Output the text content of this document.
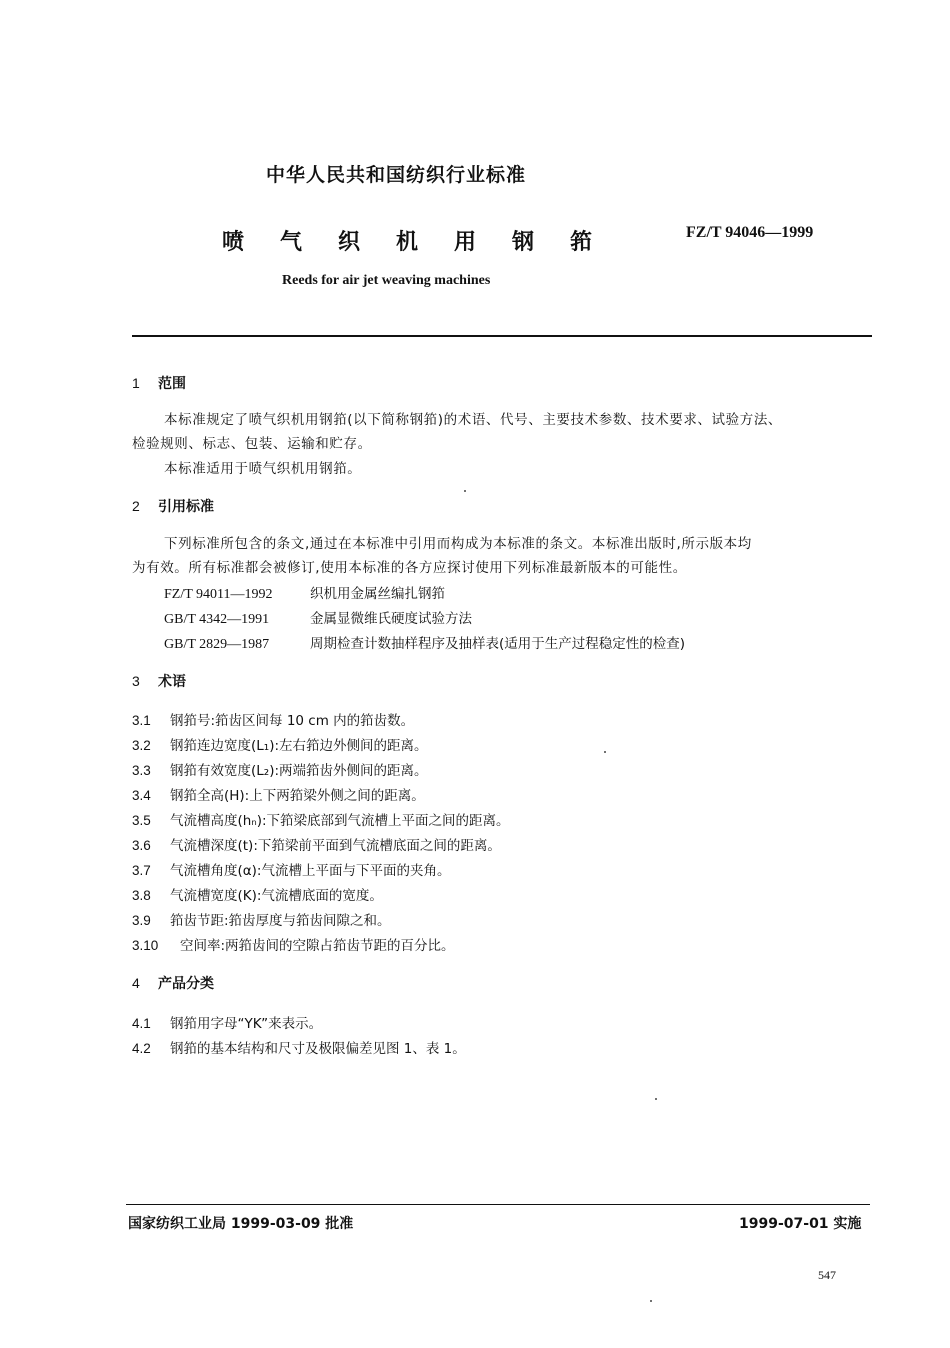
中华人民共和国纺织行业标准
喷气织机用钢筘	FZ/T 94046—1999
Reeds for air jet weaving machines
1 范围
本标准规定了喷气织机用钢筘(以下简称钢筘)的术语、代号、主要技术参数、技术要求、试验方法、
检验规则、标志、包装、运输和贮存。
本标准适用于喷气织机用钢筘。
2 引用标准
下列标准所包含的条文,通过在本标准中引用而构成为本标准的条文。本标准出版时,所示版本均
为有效。所有标准都会被修订,使用本标准的各方应探讨使用下列标准最新版本的可能性。
FZ/T 94011—1992	织机用金属丝编扎钢筘
GB/T 4342—1991	金属显微维氏硬度试验方法
GB/T 2829—1987	周期检查计数抽样程序及抽样表(适用于生产过程稳定性的检查)
3 术语
3.1 钢筘号:筘齿区间每 10 cm 内的筘齿数。
3.2 钢筘连边宽度(L₁):左右筘边外侧间的距离。
3.3 钢筘有效宽度(L₂):两端筘齿外侧间的距离。
3.4 钢筘全高(H):上下两筘梁外侧之间的距离。
3.5 气流槽高度(hₙ):下筘梁底部到气流槽上平面之间的距离。
3.6 气流槽深度(t):下筘梁前平面到气流槽底面之间的距离。
3.7 气流槽角度(α):气流槽上平面与下平面的夹角。
3.8 气流槽宽度(K):气流槽底面的宽度。
3.9 筘齿节距:筘齿厚度与筘齿间隙之和。
3.10 空间率:两筘齿间的空隙占筘齿节距的百分比。
4 产品分类
4.1 钢筘用字母“YK”来表示。
4.2 钢筘的基本结构和尺寸及极限偏差见图 1、表 1。
国家纺织工业局 1999-03-09 批准	1999-07-01 实施
547
